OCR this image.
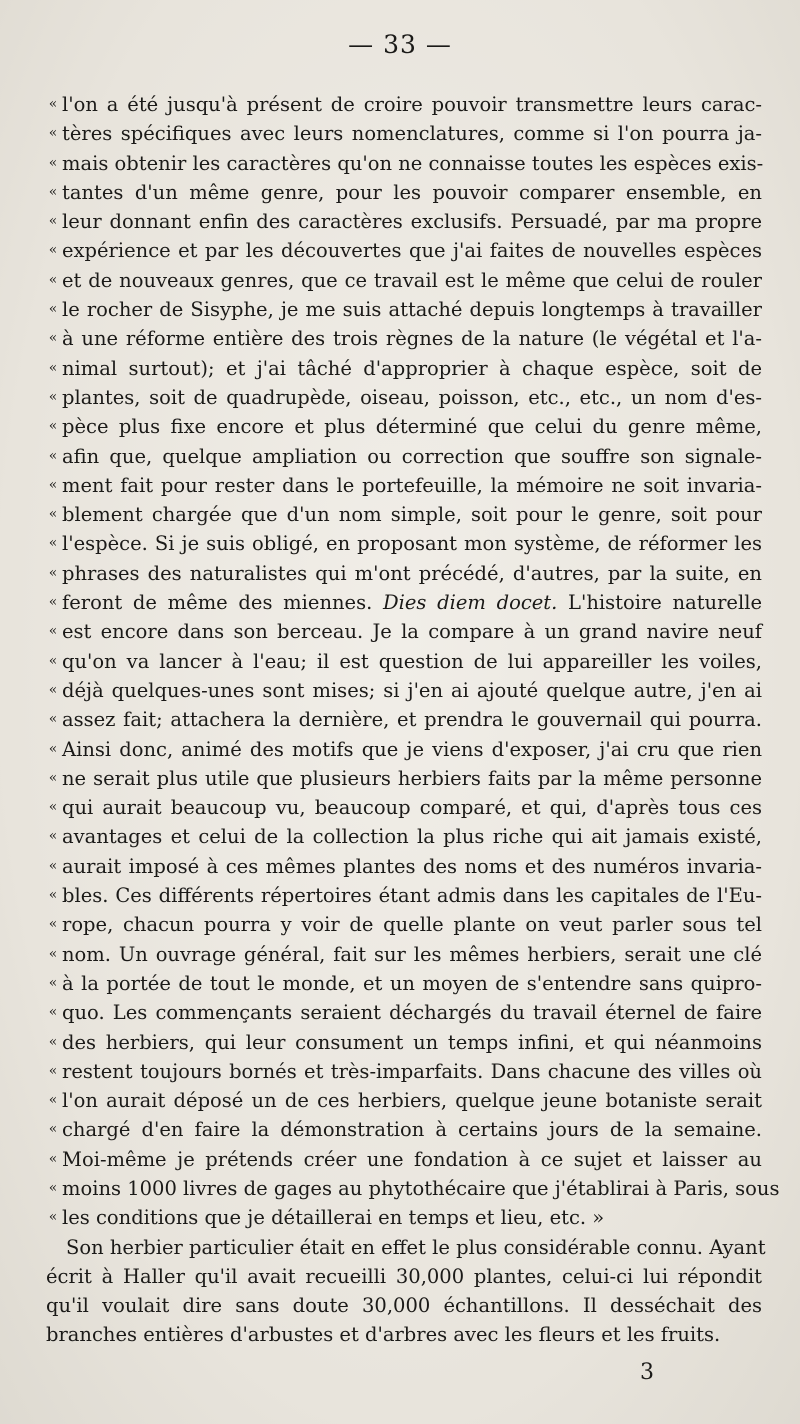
— 33 —
« l'on a été jusqu'à présent de croire pouvoir transmettre leurs carac-
« tères spécifiques avec leurs nomenclatures, comme si l'on pourra ja-
« mais obtenir les caractères qu'on ne connaisse toutes les espèces exis-
« tantes d'un même genre, pour les pouvoir comparer ensemble, en
« leur donnant enfin des caractères exclusifs. Persuadé, par ma propre
« expérience et par les découvertes que j'ai faites de nouvelles espèces
« et de nouveaux genres, que ce travail est le même que celui de rouler
« le rocher de Sisyphe, je me suis attaché depuis longtemps à travailler
« à une réforme entière des trois règnes de la nature (le végétal et l'a-
« nimal surtout); et j'ai tâché d'approprier à chaque espèce, soit de
« plantes, soit de quadrupède, oiseau, poisson, etc., etc., un nom d'es-
« pèce plus fixe encore et plus déterminé que celui du genre même,
« afin que, quelque ampliation ou correction que souffre son signale-
« ment fait pour rester dans le portefeuille, la mémoire ne soit invaria-
« blement chargée que d'un nom simple, soit pour le genre, soit pour
« l'espèce. Si je suis obligé, en proposant mon système, de réformer les
« phrases des naturalistes qui m'ont précédé, d'autres, par la suite, en
« feront de même des miennes. Dies diem docet. L'histoire naturelle
« est encore dans son berceau. Je la compare à un grand navire neuf
« qu'on va lancer à l'eau; il est question de lui appareiller les voiles,
« déjà quelques-unes sont mises; si j'en ai ajouté quelque autre, j'en ai
« assez fait; attachera la dernière, et prendra le gouvernail qui pourra.
« Ainsi donc, animé des motifs que je viens d'exposer, j'ai cru que rien
« ne serait plus utile que plusieurs herbiers faits par la même personne
« qui aurait beaucoup vu, beaucoup comparé, et qui, d'après tous ces
« avantages et celui de la collection la plus riche qui ait jamais existé,
« aurait imposé à ces mêmes plantes des noms et des numéros invaria-
« bles. Ces différents répertoires étant admis dans les capitales de l'Eu-
« rope, chacun pourra y voir de quelle plante on veut parler sous tel
« nom. Un ouvrage général, fait sur les mêmes herbiers, serait une clé
« à la portée de tout le monde, et un moyen de s'entendre sans quipro-
« quo. Les commençants seraient déchargés du travail éternel de faire
« des herbiers, qui leur consument un temps infini, et qui néanmoins
« restent toujours bornés et très-imparfaits. Dans chacune des villes où
« l'on aurait déposé un de ces herbiers, quelque jeune botaniste serait
« chargé d'en faire la démonstration à certains jours de la semaine.
« Moi-même je prétends créer une fondation à ce sujet et laisser au
« moins 1000 livres de gages au phytothécaire que j'établirai à Paris, sous
« les conditions que je détaillerai en temps et lieu, etc. »
Son herbier particulier était en effet le plus considérable connu. Ayant
écrit à Haller qu'il avait recueilli 30,000 plantes, celui-ci lui répondit
qu'il voulait dire sans doute 30,000 échantillons. Il desséchait des
branches entières d'arbustes et d'arbres avec les fleurs et les fruits.
3
